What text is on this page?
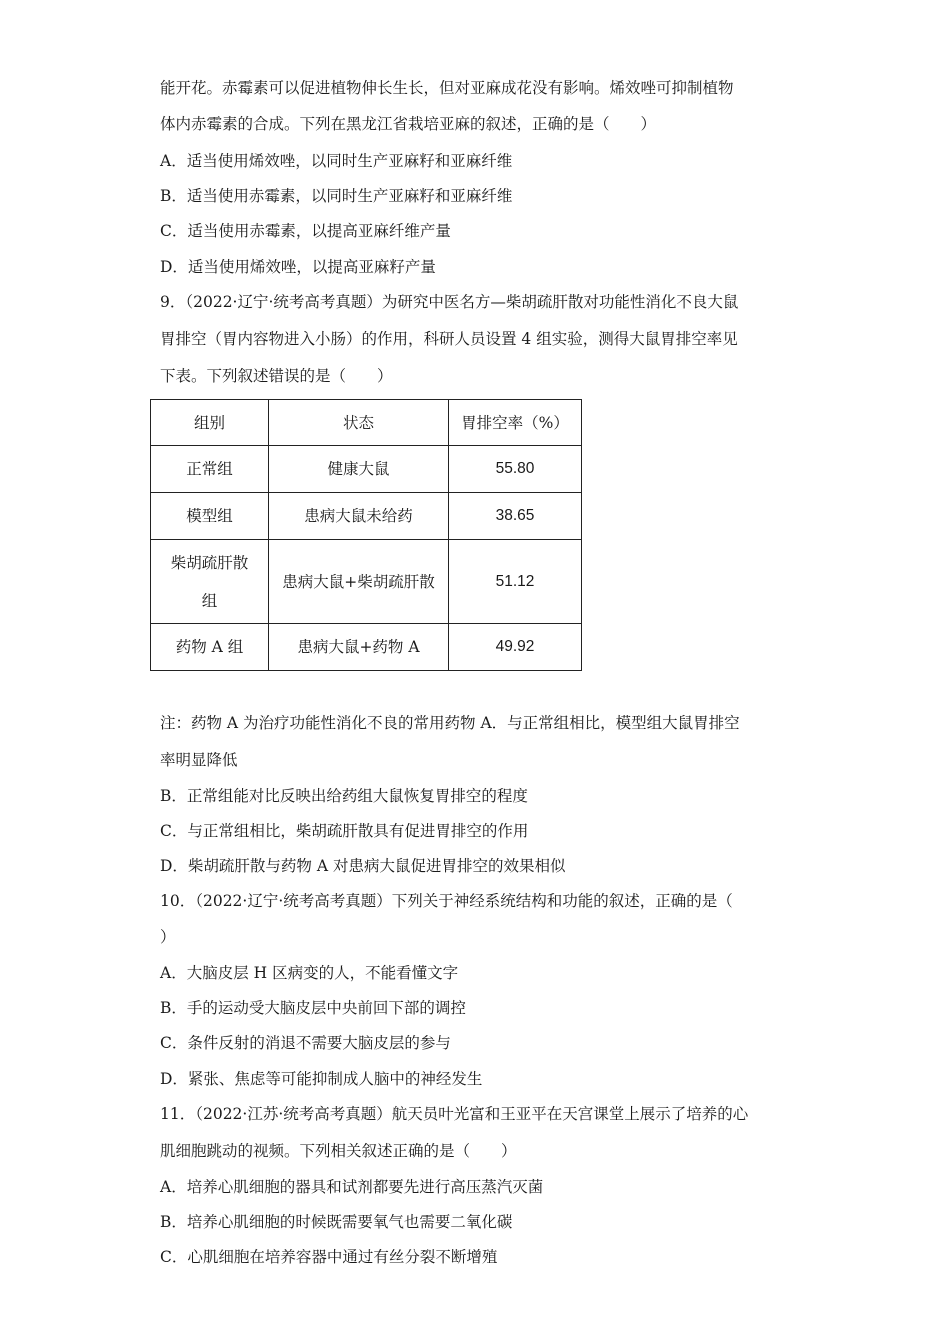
能开花。赤霉素可以促进植物伸长生长，但对亚麻成花没有影响。烯效唑可抑制植物
体内赤霉素的合成。下列在黑龙江省栽培亚麻的叙述，正确的是（　　）
A．适当使用烯效唑，以同时生产亚麻籽和亚麻纤维
B．适当使用赤霉素，以同时生产亚麻籽和亚麻纤维
C．适当使用赤霉素，以提高亚麻纤维产量
D．适当使用烯效唑，以提高亚麻籽产量
9．（2022·辽宁·统考高考真题）为研究中医名方—柴胡疏肝散对功能性消化不良大鼠
胃排空（胃内容物进入小肠）的作用，科研人员设置 4 组实验，测得大鼠胃排空率见
下表。下列叙述错误的是（　　）
组别	状态	胃排空率（%）
正常组	健康大鼠	55.80
模型组	患病大鼠未给药	38.65

柴胡疏肝散
组	患病大鼠+柴胡疏肝散	51.12
药物 A 组	患病大鼠+药物 A	49.92
注：药物 A 为治疗功能性消化不良的常用药物 A．与正常组相比，模型组大鼠胃排空
率明显降低
B．正常组能对比反映出给药组大鼠恢复胃排空的程度
C．与正常组相比，柴胡疏肝散具有促进胃排空的作用
D．柴胡疏肝散与药物 A 对患病大鼠促进胃排空的效果相似
10．（2022·辽宁·统考高考真题）下列关于神经系统结构和功能的叙述，正确的是（
）
A．大脑皮层 H 区病变的人，不能看懂文字
B．手的运动受大脑皮层中央前回下部的调控
C．条件反射的消退不需要大脑皮层的参与
D．紧张、焦虑等可能抑制成人脑中的神经发生
11．（2022·江苏·统考高考真题）航天员叶光富和王亚平在天宫课堂上展示了培养的心
肌细胞跳动的视频。下列相关叙述正确的是（　　）
A．培养心肌细胞的器具和试剂都要先进行高压蒸汽灭菌
B．培养心肌细胞的时候既需要氧气也需要二氧化碳
C．心肌细胞在培养容器中通过有丝分裂不断增殖
